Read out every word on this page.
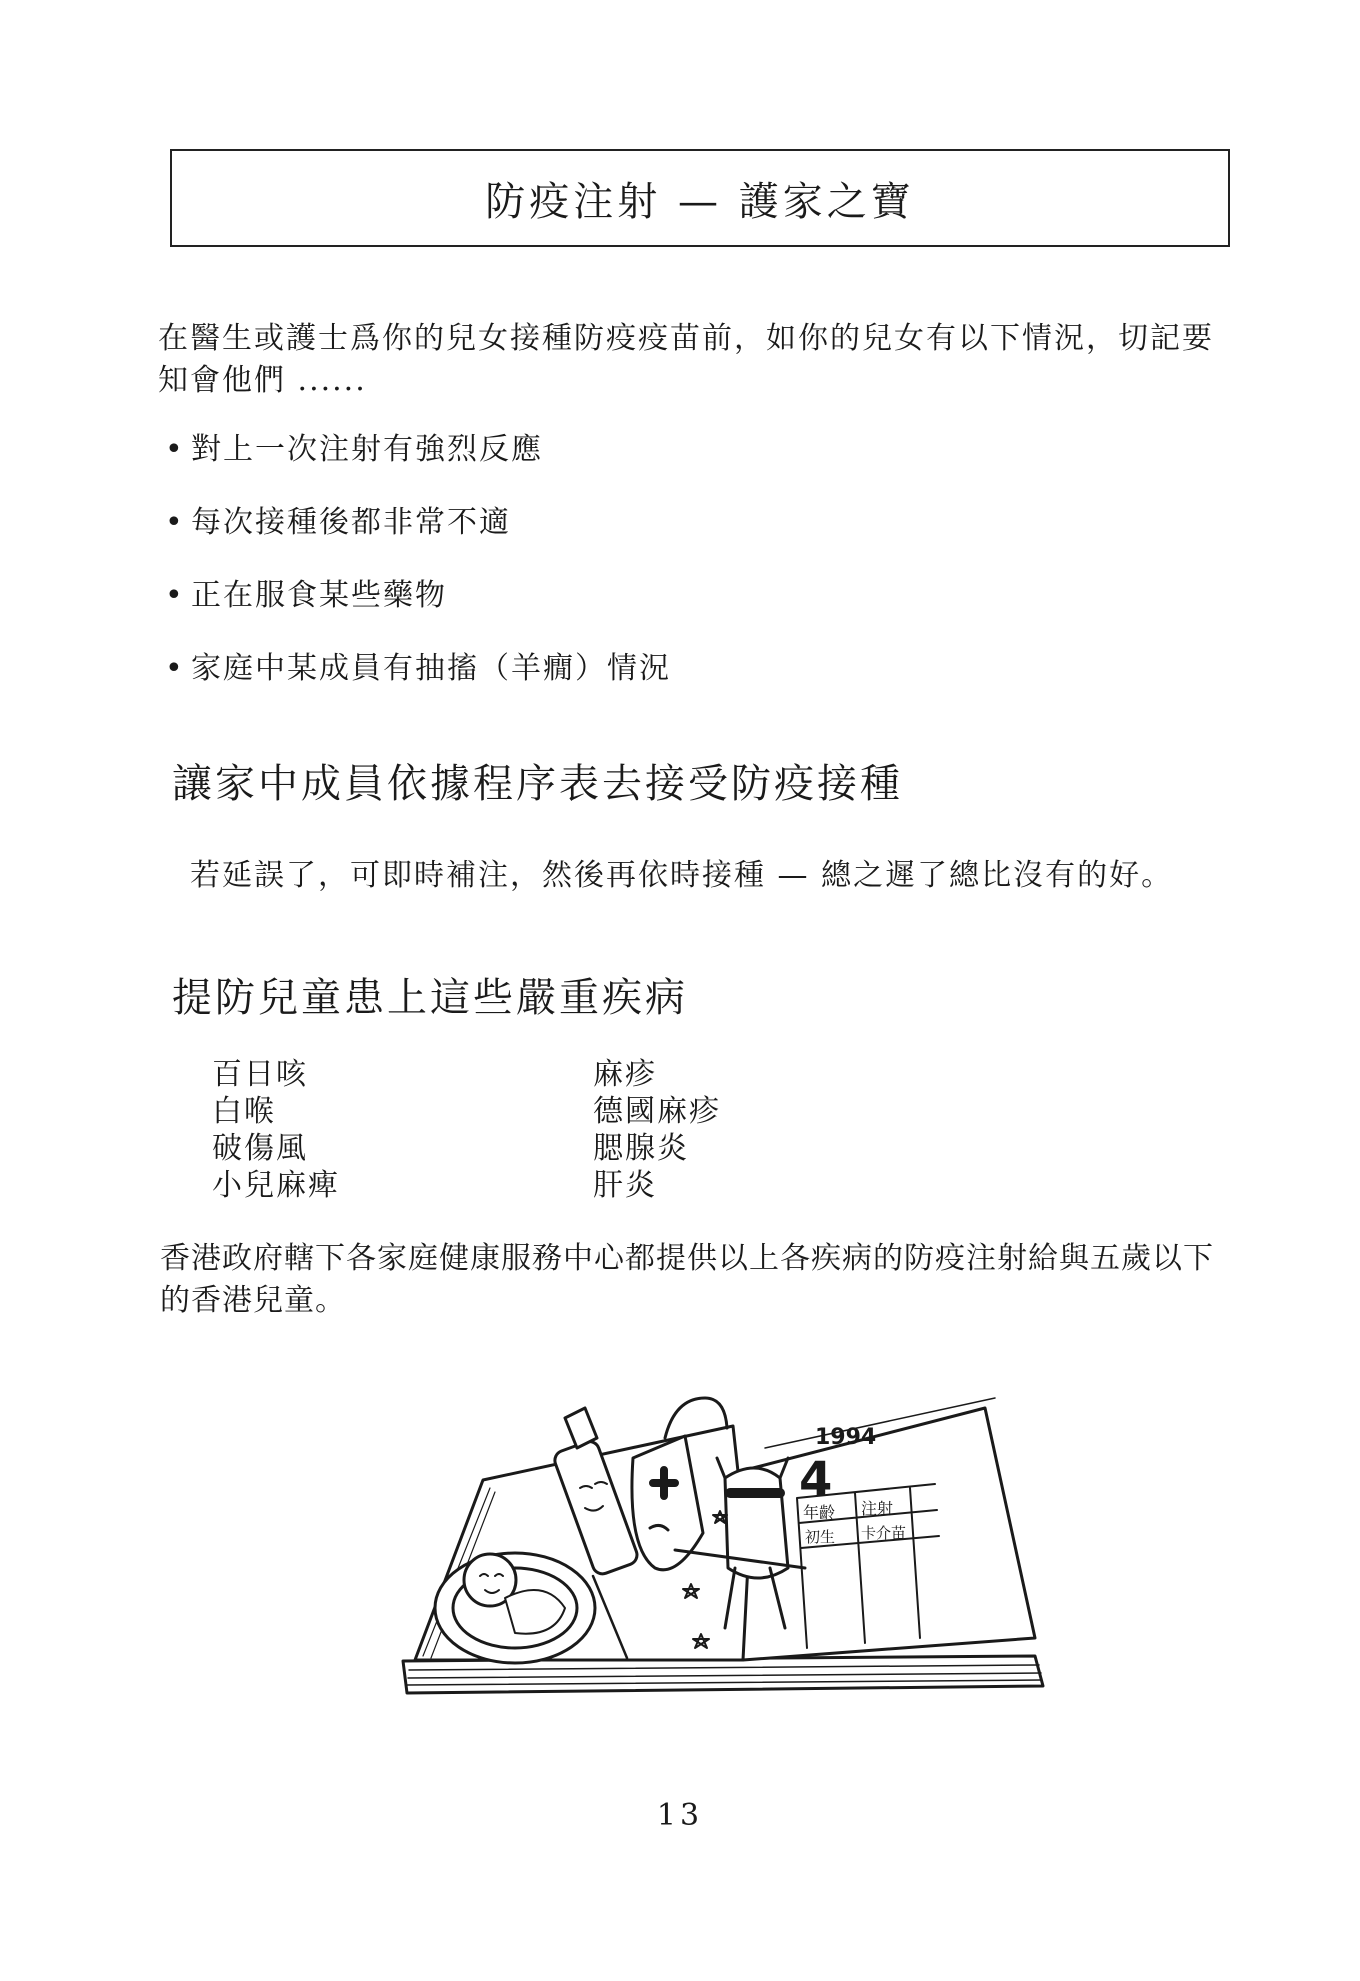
防疫注射 — 護家之寶
在醫生或護士爲你的兒女接種防疫疫苗前，如你的兒女有以下情況，切記要知會他們 ......
• 對上一次注射有強烈反應
• 每次接種後都非常不適
• 正在服食某些藥物
• 家庭中某成員有抽搐（羊癇）情況
讓家中成員依據程序表去接受防疫接種
若延誤了，可即時補注，然後再依時接種 — 總之遲了總比沒有的好。
提防兒童患上這些嚴重疾病
百日咳
白喉
破傷風
小兒麻痺
麻疹
德國麻疹
腮腺炎
肝炎
香港政府轄下各家庭健康服務中心都提供以上各疾病的防疫注射給與五歲以下的香港兒童。
1994
4
年齡 注射
初生 卡介苗
13
